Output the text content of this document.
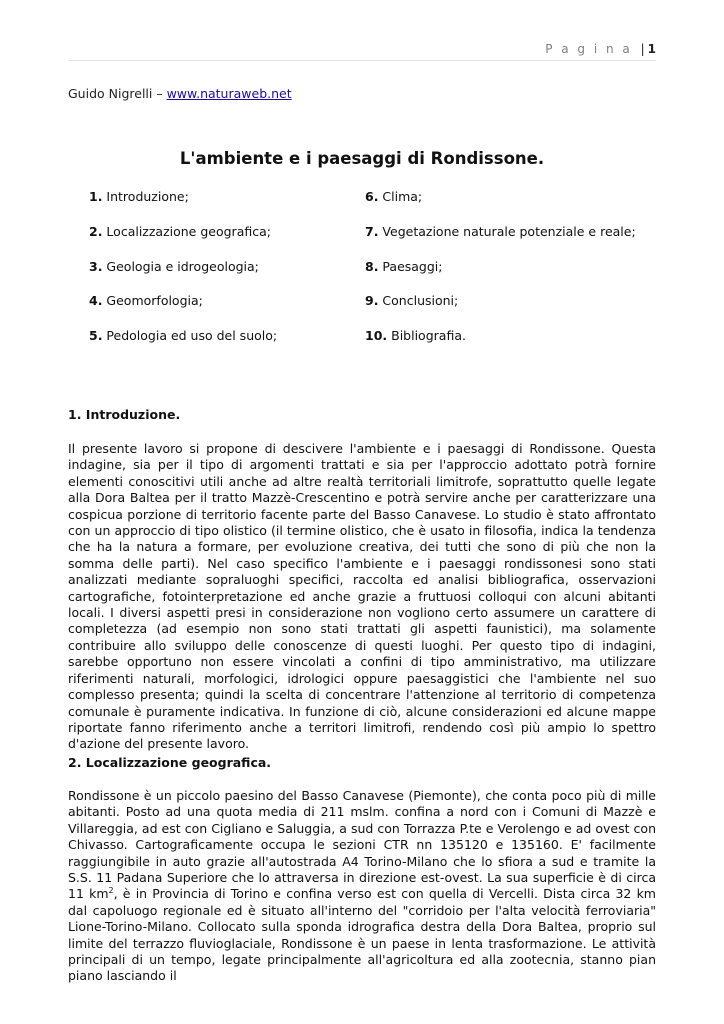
P a g i n a | 1
Guido Nigrelli – www.naturaweb.net
L'ambiente e i paesaggi di Rondissone.
1. Introduzione;
2. Localizzazione geografica;
3. Geologia e idrogeologia;
4. Geomorfologia;
5. Pedologia ed uso del suolo;
6. Clima;
7. Vegetazione naturale potenziale e reale;
8. Paesaggi;
9. Conclusioni;
10. Bibliografia.
1. Introduzione.

Il presente lavoro si propone di descivere l'ambiente e i paesaggi di Rondissone. Questa indagine, sia per il tipo di argomenti trattati e sia per l'approccio adottato potrà fornire elementi conoscitivi utili anche ad altre realtà territoriali limitrofe, soprattutto quelle legate alla Dora Baltea per il tratto Mazzè-Crescentino e potrà servire anche per caratterizzare una cospicua porzione di territorio facente parte del Basso Canavese. Lo studio è stato affrontato con un approccio di tipo olistico (il termine olistico, che è usato in filosofia, indica la tendenza che ha la natura a formare, per evoluzione creativa, dei tutti che sono di più che non la somma delle parti). Nel caso specifico l'ambiente e i paesaggi rondissonesi sono stati analizzati mediante sopraluoghi specifici, raccolta ed analisi bibliografica, osservazioni cartografiche, fotointerpretazione ed anche grazie a fruttuosi colloqui con alcuni abitanti locali. I diversi aspetti presi in considerazione non vogliono certo assumere un carattere di completezza (ad esempio non sono stati trattati gli aspetti faunistici), ma solamente contribuire allo sviluppo delle conoscenze di questi luoghi. Per questo tipo di indagini, sarebbe opportuno non essere vincolati a confini di tipo amministrativo, ma utilizzare riferimenti naturali, morfologici, idrologici oppure paesaggistici che l'ambiente nel suo complesso presenta; quindi la scelta di concentrare l'attenzione al territorio di competenza comunale è puramente indicativa. In funzione di ciò, alcune considerazioni ed alcune mappe riportate fanno riferimento anche a territori limitrofi, rendendo così più ampio lo spettro d'azione del presente lavoro.

2. Localizzazione geografica.

Rondissone è un piccolo paesino del Basso Canavese (Piemonte), che conta poco più di mille abitanti. Posto ad una quota media di 211 mslm. confina a nord con i Comuni di Mazzè e Villareggia, ad est con Cigliano e Saluggia, a sud con Torrazza P.te e Verolengo e ad ovest con Chivasso. Cartograficamente occupa le sezioni CTR nn 135120 e 135160. E' facilmente raggiungibile in auto grazie all'autostrada A4 Torino-Milano che lo sfiora a sud e tramite la S.S. 11 Padana Superiore che lo attraversa in direzione est-ovest. La sua superficie è di circa 11 $km^2$, è in Provincia di Torino e confina verso est con quella di Vercelli. Dista circa 32 km dal capoluogo regionale ed è situato all'interno del "corridoio per l'alta velocità ferroviaria" Lione-Torino-Milano. Collocato sulla sponda idrografica destra della Dora Baltea, proprio sul limite del terrazzo fluvioglaciale, Rondissone è un paese in lenta trasformazione. Le attività principali di un tempo, legate principalmente all'agricoltura ed alla zootecnia, stanno pian piano lasciando il
